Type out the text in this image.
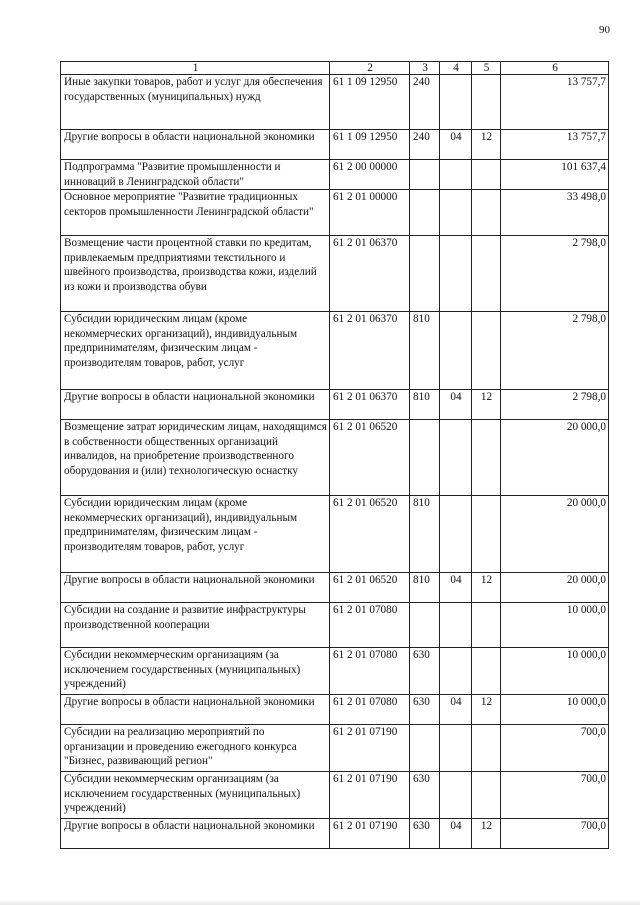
90
1	2	3	4	5	6
Иные закупки товаров, работ и услуг для обеспечения государственных (муниципальных) нужд	61 1 09 12950	240			13 757,7
Другие вопросы в области национальной экономики	61 1 09 12950	240	04	12	13 757,7
Подпрограмма "Развитие промышленности и инноваций в Ленинградской области"	61 2 00 00000				101 637,4
Основное мероприятие "Развитие традиционных секторов промышленности Ленинградской области"	61 2 01 00000				33 498,0
Возмещение части процентной ставки по кредитам, привлекаемым предприятиями текстильного и швейного производства, производства кожи, изделий из кожи и производства обуви	61 2 01 06370				2 798,0
Субсидии юридическим лицам (кроме некоммерческих организаций), индивидуальным предпринимателям, физическим лицам - производителям товаров, работ, услуг	61 2 01 06370	810			2 798,0
Другие вопросы в области национальной экономики	61 2 01 06370	810	04	12	2 798,0
Возмещение затрат юридическим лицам, находящимся в собственности общественных организаций инвалидов, на приобретение производственного оборудования и (или) технологическую оснастку	61 2 01 06520				20 000,0
Субсидии юридическим лицам (кроме некоммерческих организаций), индивидуальным предпринимателям, физическим лицам - производителям товаров, работ, услуг	61 2 01 06520	810			20 000,0
Другие вопросы в области национальной экономики	61 2 01 06520	810	04	12	20 000,0
Субсидии на создание и развитие инфраструктуры производственной кооперации	61 2 01 07080				10 000,0
Субсидии некоммерческим организациям (за исключением государственных (муниципальных) учреждений)	61 2 01 07080	630			10 000,0
Другие вопросы в области национальной экономики	61 2 01 07080	630	04	12	10 000,0
Субсидии на реализацию мероприятий по организации и проведению ежегодного конкурса "Бизнес, развивающий регион"	61 2 01 07190				700,0
Субсидии некоммерческим организациям (за исключением государственных (муниципальных) учреждений)	61 2 01 07190	630			700,0
Другие вопросы в области национальной экономики	61 2 01 07190	630	04	12	700,0
